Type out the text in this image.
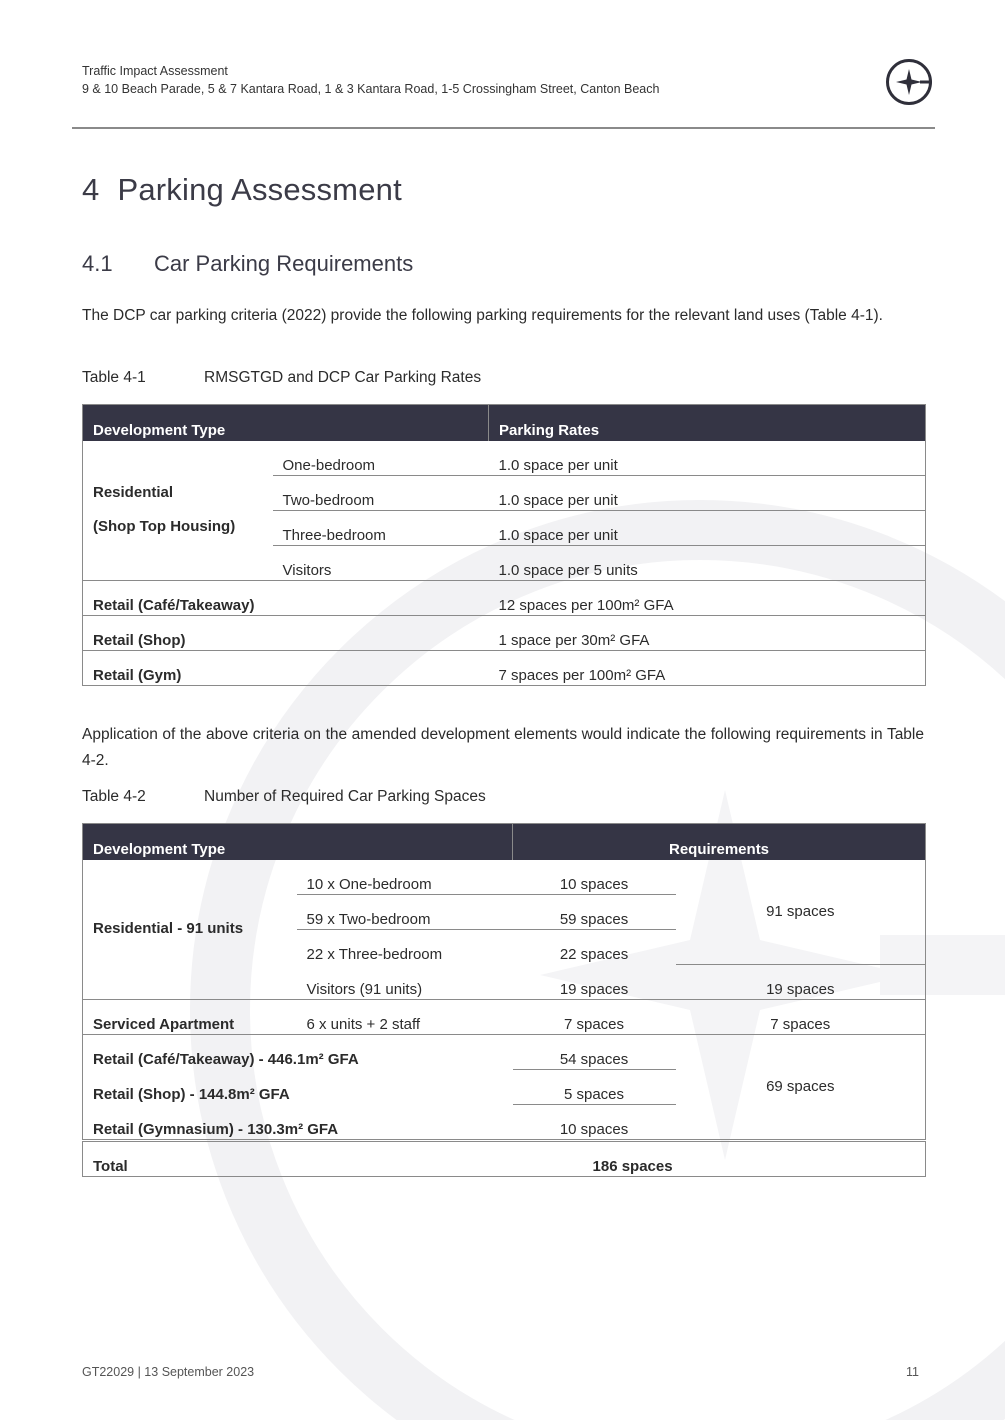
Traffic Impact Assessment
9 & 10 Beach Parade, 5 & 7 Kantara Road, 1 & 3 Kantara Road, 1-5 Crossingham Street, Canton Beach
4 Parking Assessment
4.1 Car Parking Requirements
The DCP car parking criteria (2022) provide the following parking requirements for the relevant land uses (Table 4-1).
Table 4-1	RMSGTGD and DCP Car Parking Rates
Development Type		Parking Rates

Residential
(Shop Top Housing)	One-bedroom	1.0 space per unit
	Two-bedroom	1.0 space per unit
	Three-bedroom	1.0 space per unit
	Visitors	1.0 space per 5 units
Retail (Café/Takeaway)		12 spaces per 100m² GFA
Retail (Shop)		1 space per 30m² GFA
Retail (Gym)		7 spaces per 100m² GFA
Application of the above criteria on the amended development elements would indicate the following requirements in Table 4-2.
Table 4-2	Number of Required Car Parking Spaces
Development Type		Requirements	
Residential - 91 units	10 x One-bedroom	10 spaces	91 spaces
	59 x Two-bedroom	59 spaces	
	22 x Three-bedroom	22 spaces	
	Visitors (91 units)	19 spaces	19 spaces
Serviced Apartment	6 x units + 2 staff	7 spaces	7 spaces
Retail (Café/Takeaway) - 446.1m² GFA		54 spaces	69 spaces
Retail (Shop) - 144.8m² GFA		5 spaces	
Retail (Gymnasium) - 130.3m² GFA		10 spaces	
Total		186 spaces	
GT22029 | 13 September 2023	11
